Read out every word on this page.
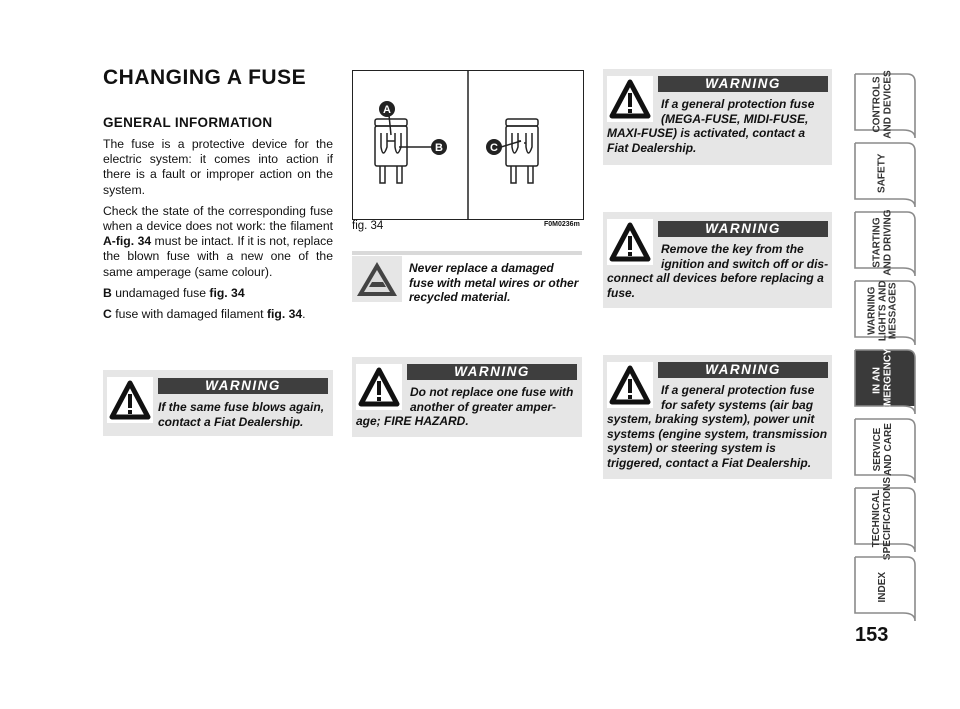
CHANGING A FUSE
GENERAL INFORMATION

The fuse is a protective device for the electric system: it comes into action if there is a fault or improper action on the system.

Check the state of the corresponding fuse when a device does not work: the filament A-fig. 34 must be intact. If it is not, replace the blown fuse with a new one of the same amperage (same colour).

B undamaged fuse fig. 34

C fuse with damaged filament fig. 34.

WARNING
If the same fuse blows again, contact a Fiat Dealership.
A
B	C
fig. 34	F0M0236m
Never replace a damaged fuse with metal wires or other recycled material.
WARNING
Do not replace one fuse with another of greater amper-
age; FIRE HAZARD.
WARNING
If a general protection fuse (MEGA-FUSE, MIDI-FUSE,
MAXI-FUSE) is activated, contact a Fiat Dealership.
WARNING
Remove the key from the ignition and switch off or dis-
connect all devices before replacing a fuse.
WARNING
If a general protection fuse for safety systems (air bag
system, braking system), power unit systems (engine system, transmission system) or steering system is triggered, contact a Fiat Dealership.
CONTROLS
AND DEVICES
SAFETY
STARTING
AND DRIVING
WARNING
LIGHTS AND
MESSAGES
IN AN
EMERGENCY
SERVICE
AND CARE
TECHNICAL
SPECIFICATIONS
INDEX
153
